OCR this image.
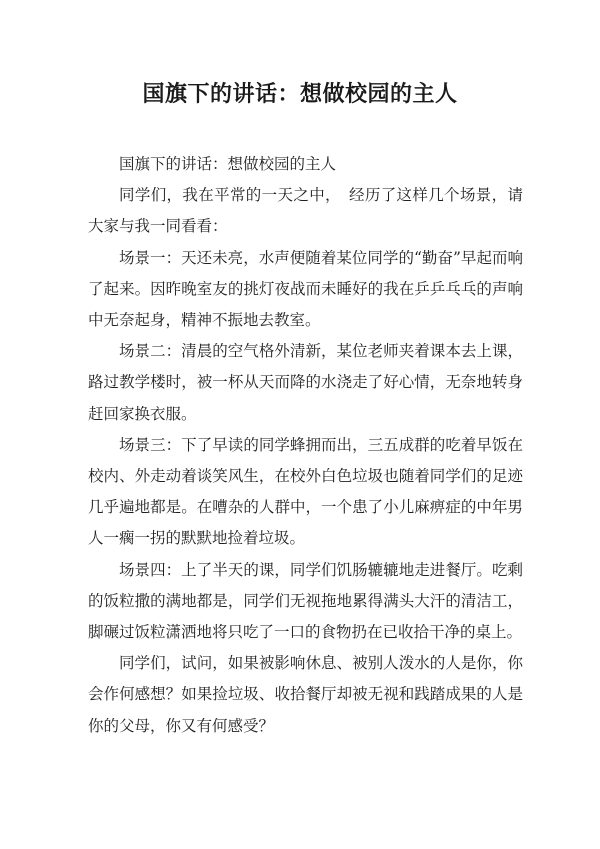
国旗下的讲话：想做校园的主人

国旗下的讲话：想做校园的主人

同学们，我在平常的一天之中，　经历了这样几个场景，请大家与我一同看看：

场景一：天还未亮，水声便随着某位同学的“勤奋”早起而响了起来。因昨晚室友的挑灯夜战而未睡好的我在乒乒乓乓的声响中无奈起身，精神不振地去教室。

场景二：清晨的空气格外清新，某位老师夹着课本去上课，路过教学楼时，被一杯从天而降的水浇走了好心情，无奈地转身赶回家换衣服。

场景三：下了早读的同学蜂拥而出，三五成群的吃着早饭在校内、外走动着谈笑风生，在校外白色垃圾也随着同学们的足迹几乎遍地都是。在嘈杂的人群中，一个患了小儿麻痹症的中年男人一瘸一拐的默默地捡着垃圾。

场景四：上了半天的课，同学们饥肠辘辘地走进餐厅。吃剩的饭粒撒的满地都是，同学们无视拖地累得满头大汗的清洁工，脚碾过饭粒潇洒地将只吃了一口的食物扔在已收拾干净的桌上。

同学们，试问，如果被影响休息、被别人泼水的人是你，你会作何感想？如果捡垃圾、收拾餐厅却被无视和践踏成果的人是你的父母，你又有何感受？
